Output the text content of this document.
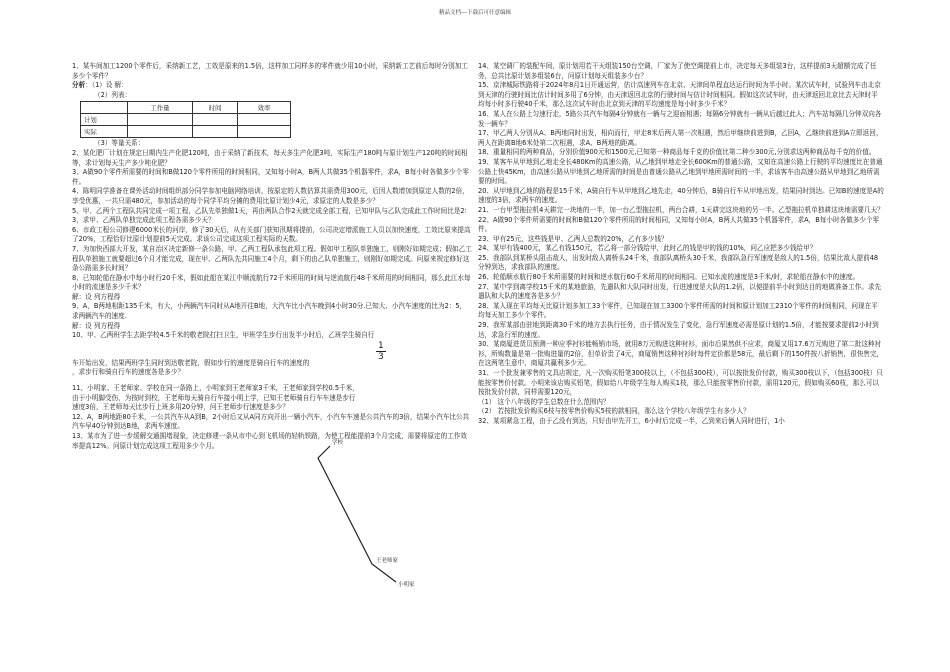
精品文档---下载后可任意编辑

1、某车间加工1200个零件后，采纳新工艺，工效是原来的1.5倍，这样加工同样多的零件就少用10小时，采纳新工艺前后每时分别加工多少个零件？

分析：（1）设 解：

（2）列表：

	工作量	时间	效率
计划			
实际			

（3）等量关系：

2、某化肥厂计划在规定日期内生产化肥120吨，由于采纳了新技术，每天多生产化肥3吨，实际生产180吨与原计划生产120吨的时间相等，求计划每天生产多少吨化肥？

3、A做90个零件所需要的时间和B做120个零件所用的时间相同，又知每小时A，B两人共做35个机器零件，求A，B每小时各做多少个零件。

4、陈明同学准备在课外活动时间组织部分同学参加电脑网络培训，按原定的人数估算共需费用300元，后因人数增加到原定人数的2倍，享受优惠，一共只需480元，参加活动的每个同学平均分摊的费用比原计划少4元，求原定的人数是多少？

5、甲、乙两个工程队共同完成一项工程，乙队先单独做1天，再由两队合作2天就完成全部工程，已知甲队与乙队完成此工作时间比是2∶3，求甲、乙两队单独完成此项工程各需多少天？

6、市政工程公司修建6000米长的河岸，修了30天后，从有关部门获知汛期将提前，公司决定增派施工人员以加快速度，工效比原来提高了20%，工程恰好比原计划提前5天完成。求该公司完成这项工程实际的天数。

7、为加快西部大开发，某自治区决定新修一条公路，甲、乙两工程队承包此项工程。假如甲工程队单独施工，则刚好如期完成；假如乙工程队单独施工就要超过6个月才能完成，现在甲、乙两队先共同施工4个月，剩下的由乙队单独施工，则刚好如期完成。问原来规定修好这条公路需多长时间？

8、已知轮船在静水中每小时行20千米，假如此船在某江中顺流航行72千米所用的时间与逆流航行48千米所用的时间相同，那么此江水每小时的流速是多少千米？

解：设 列方程得

9、A，B两地相距135千米，有大，小两辆汽车同时从A地开往B地，大汽车比小汽车晚到4小时30分.已知大、小汽车速度的比为2：5，求两辆汽车的速度.

解：设 列方程得

10、甲、乙两班学生去距学校4.5千米的敬老院打扫卫生，甲班学生步行出发半小时后，乙班学生骑自行

$\frac{1}{3}$

车开始出发，结果两班学生同时到达敬老院，假如步行的速度是骑自行车的速度的

，求步行和骑自行车的速度各是多少？

11、小明家、王老师家、学校在同一条路上，小明家到王老师家3千米，王老师家到学校0.5千米，由于小明脚受伤，为按时到校，王老师每天骑自行车接小明上学，已知王老师骑自行车车速是步行速度3倍，王老师每天比步行上班多用20分钟，问王老师步行速度是多少？

12、A，B两地距80千米，一公共汽车从A到B，2小时后又从A同方向开出一辆小汽车，小汽车车速是公共汽车的3倍，结果小汽车比公共汽车早40分钟到达B地，求两车速度。

13、某市为了进一步缓解交通拥堵现象，决定修建一条从市中心到飞机场的轻轨铁路，为使工程能提前3个月完成，需要将原定的工作效率提高12%。问原计划完成这项工程用多少个月。	学校
王老师家
小明家

14、某空调厂的装配车间，原计划用若干天组装150台空调，厂家为了使空调提前上市，决定每天多组装3台，这样提前3天超额完成了任务，总共比原计划多组装6台，问原计划每天组装多少台？

15、京津城际铁路将于2024年8月1日开通运营，估计高速列车在北京、天津间单程直达运行时间为半小时。某次试车时，试验列车由北京到天津的行驶时间比估计时间多用了6分钟，由天津返回北京的行驶时间与估计时间相同。假如这次试车时，由天津返回北京比去天津时平均每小时多行驶40千米，那么这次试车时由北京到天津的平均速度是每小时多少千米？

16、某人在公路上匀速行走，5路公共汽车每隔4分钟就有一辆与之迎面相遇；每隔6分钟就有一辆从后越过此人；汽车站每隔几分钟双向各发一辆车？

17、甲乙两人分别从A、B两地同时出发，相向而行，甲走8米后两人第一次相遇，然后甲继续前进到B，乙回A，乙继续前进到A立即返回，两人在距离B地6米处第二次相遇，求A、B两地的距离。

18、重量相同的两种商品，分别价值900元和1500元,已知第一种商品每千克的价值比第二种少300元,分别求这两种商品每千克的价值。

19、某客车从甲地到乙地走全长480Km的高速公路，从乙地到甲地走全长600Km的普通公路，又知在高速公路上行驶的平均速度比在普通公路上快45Km，由高速公路从甲地到乙地所需的时间是由普通公路从乙地到甲地所需时间的一半，求该客车由高速公路从甲地到乙地所需要的时间。

20、从甲地到乙地的路程是15千米，A骑自行车从甲地到乙地先走，40分钟后，B骑自行车从甲地出发，结果同时到达。已知B的速度是A的速度的3倍，求两车的速度。

21、一台甲型拖拉机4天耕完一块地的一半，加一台乙型拖拉机，两台合耕，1天耕完这块地的另一半。乙型拖拉机单独耕这块地需要几天？

22、A做90个零件所需要的时间和B做120个零件所用的时间相同，又知每小时A，B两人共做35个机器零件，求A，B每小时各做多少个零件。

23、甲有25元，这些钱是甲、乙两人总数的20%，乙有多少钱？

24、某甲有钱400元，某乙有钱150元，若乙将一部分钱给甲，此时乙的钱是甲的钱的10%，问乙应把多少钱给甲？

25、我部队到某桥头阻击敌人，出发时敌人离桥头24千米，我部队离桥头30千米，我部队急行军速度是敌人的1.5倍，结果比敌人提前48分钟到达，求我部队的速度。

26、轮船顺水航行80千米所需要的时间和逆水航行60千米所用的时间相同。已知水流的速度是3千米/时，求轮船在静水中的速度。

27、某中学到离学校15千米的某地旅游，先遣队和大队同时出发，行进速度是大队的1.2倍，以便提前半小时到达目的地做准备工作。求先遣队和大队的速度各是多少？

28、某人现在平均每天比原计划多加工33个零件，已知现在加工3300个零件所需的时间和原计划加工2310个零件的时间相同，问现在平均每天加工多少个零件。

29、我军某部由驻地到距离30千米的地方去执行任务，由于情况发生了变化，急行军速度必需是原计划的1.5倍，才能按要求提前2小时到达，求急行军的速度。

30、某商厦进货员预测一种应季衬衫能畅销市场，就用8万元购进这种衬衫，面市后果然供不应求，商厦又用17.6万元购进了第二批这种衬衫，所购数量是第一批购进量的2倍，但单价贵了4元，商厦销售这种衬衫时每件定价都是58元，最后剩下的150件按八折销售，很快售完，在这两笔生意中，商厦共赢利多少元。

31、一个批发兼零售的文具店规定，凡一次购买铅笔300枝以上，（不包括300枝），可以按批发价付款，购买300枝以下，（包括300枝）只能按零售价付款。小明来该店购买铅笔，假如给八年级学生每人购买1枝，那么只能按零售价付款，需用120元，假如购买60枝，那么可以按批发价付款，同样需要120元，

（1） 这个八年级的学生总数在什么范围内？

（2） 若按批发价购买6枝与按零售价购买5枝的款相同，那么这个学校八年级学生有多少人？

32、某项紧急工程，由于乙没有到达，只好由甲先开工，6小时后完成一半，乙到来后俩人同时进行，1小
